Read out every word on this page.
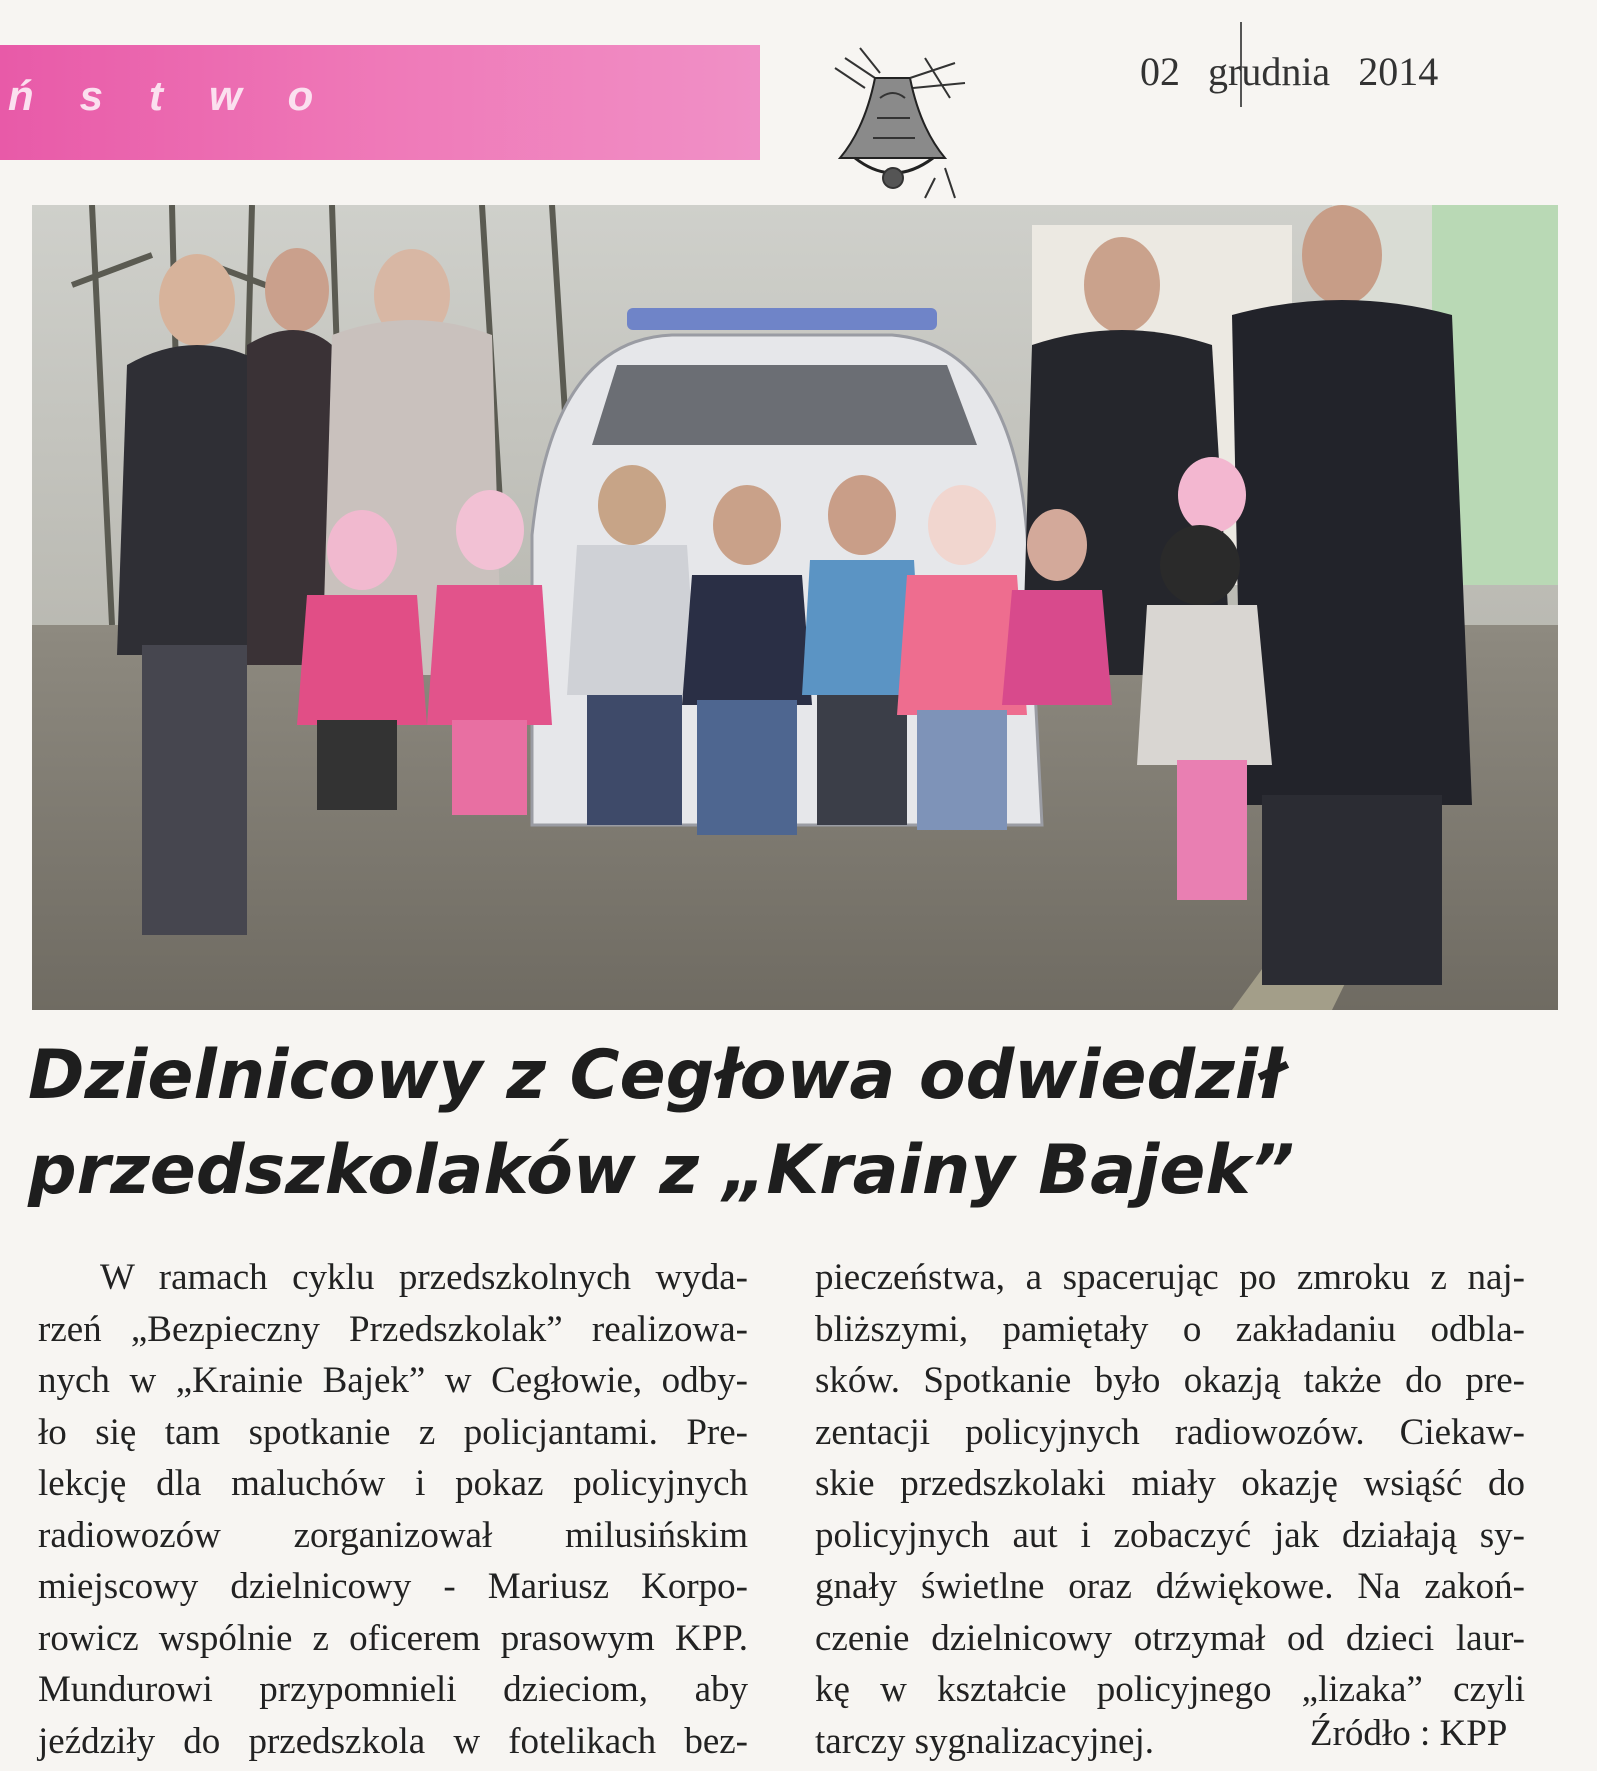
ństwo
02 grudnia 2014
Dzielnicowy z Cegłowa odwiedził
przedszkolaków z „Krainy Bajek”
W ramach cyklu przedszkolnych wyda-
rzeń „Bezpieczny Przedszkolak” realizowa-
nych w „Krainie Bajek” w Cegłowie, odby-
ło się tam spotkanie z policjantami. Pre-
lekcję dla maluchów i pokaz policyjnych
radiowozów zorganizował milusińskim
miejscowy dzielnicowy - Mariusz Korpo-
rowicz wspólnie z oficerem prasowym KPP.
Mundurowi przypomnieli dzieciom, aby
jeździły do przedszkola w fotelikach bez-
pieczeństwa, a spacerując po zmroku z naj-
bliższymi, pamiętały o zakładaniu odbla-
sków. Spotkanie było okazją także do pre-
zentacji policyjnych radiowozów. Ciekaw-
skie przedszkolaki miały okazję wsiąść do
policyjnych aut i zobaczyć jak działają sy-
gnały świetlne oraz dźwiękowe. Na zakoń-
czenie dzielnicowy otrzymał od dzieci laur-
kę w kształcie policyjnego „lizaka” czyli
tarczy sygnalizacyjnej.	Źródło : KPP
